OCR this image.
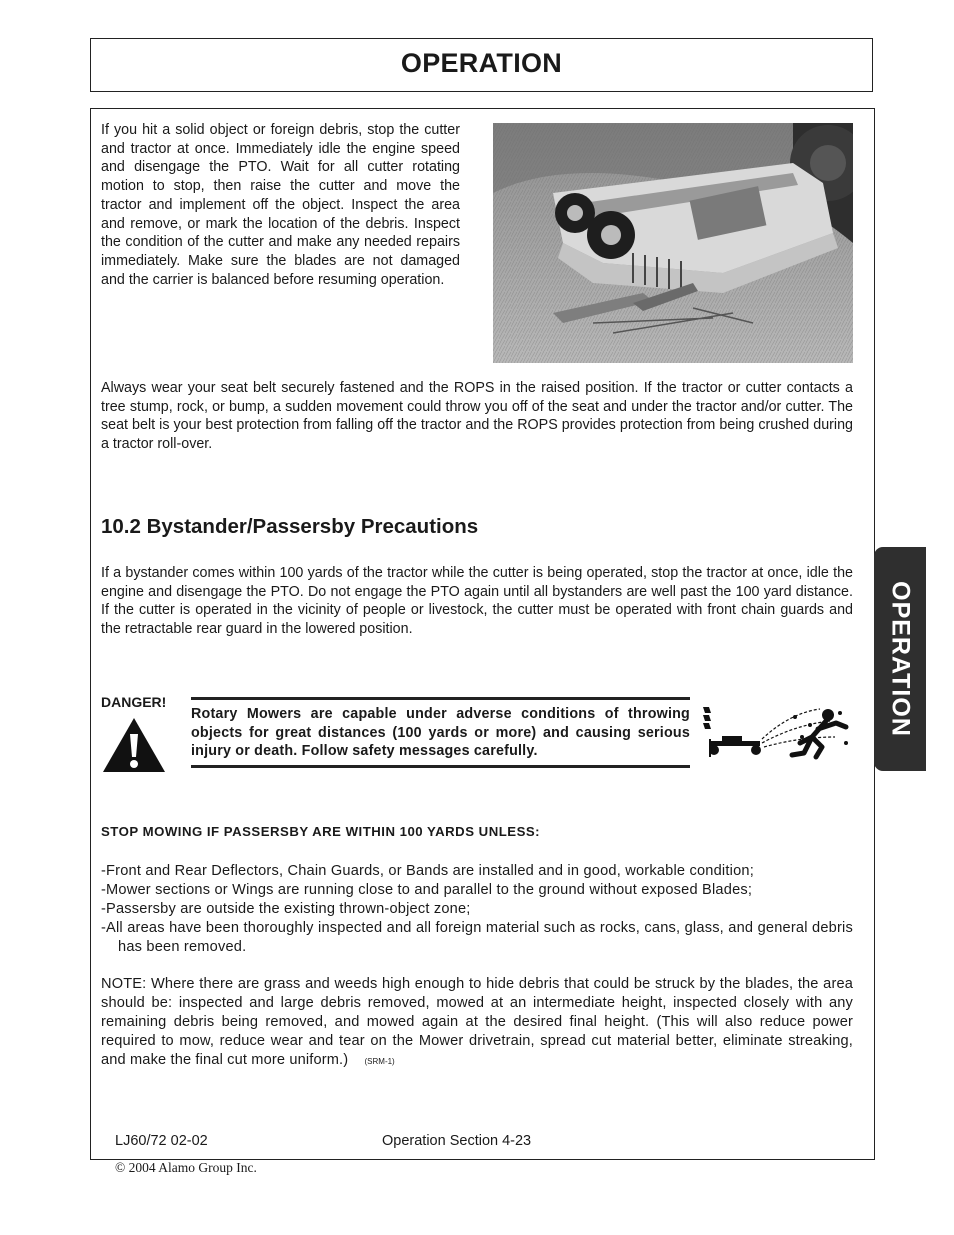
OPERATION
If you hit a solid object or foreign debris, stop the cutter and tractor at once. Immediately idle the engine speed and disengage the PTO. Wait for all cutter rotating motion to stop, then raise the cutter and move the tractor and implement off the object. Inspect the area and remove, or mark the location of the debris. Inspect the condition of the cutter and make any needed repairs immediately. Make sure the blades are not damaged and the carrier is balanced before resuming operation.
Always wear your seat belt securely fastened and the ROPS in the raised position. If the tractor or cutter contacts a tree stump, rock, or bump, a sudden movement could throw you off of the seat and under the tractor and/or cutter. The seat belt is your best protection from falling off the tractor and the ROPS provides protection from being crushed during a tractor roll-over.
10.2 Bystander/Passersby Precautions
If a bystander comes within 100 yards of the tractor while the cutter is being operated, stop the tractor at once, idle the engine and disengage the PTO. Do not engage the PTO again until all bystanders are well past the 100 yard distance. If the cutter is operated in the vicinity of people or livestock, the cutter must be operated with front chain guards and the retractable rear guard in the lowered position.	OPERATION
DANGER!
Rotary Mowers are capable under adverse conditions of throwing objects for great distances (100 yards or more) and causing serious injury or death. Follow safety messages carefully.
STOP MOWING IF PASSERSBY ARE WITHIN 100 YARDS UNLESS:
-Front and Rear Deflectors, Chain Guards, or Bands are installed and in good, workable condition;
-Mower sections or Wings are running close to and parallel to the ground without exposed Blades;
-Passersby are outside the existing thrown-object zone;
-All areas have been thoroughly inspected and all foreign material such as rocks, cans, glass, and general debris has been removed.
NOTE: Where there are grass and weeds high enough to hide debris that could be struck by the blades, the area should be: inspected and large debris removed, mowed at an intermediate height, inspected closely with any remaining debris being removed, and mowed again at the desired final height. (This will also reduce power required to mow, reduce wear and tear on the Mower drivetrain, spread cut material better, eliminate streaking, and make the final cut more uniform.) (SRM-1)
LJ60/72 02-02	Operation Section 4-23
© 2004 Alamo Group Inc.
